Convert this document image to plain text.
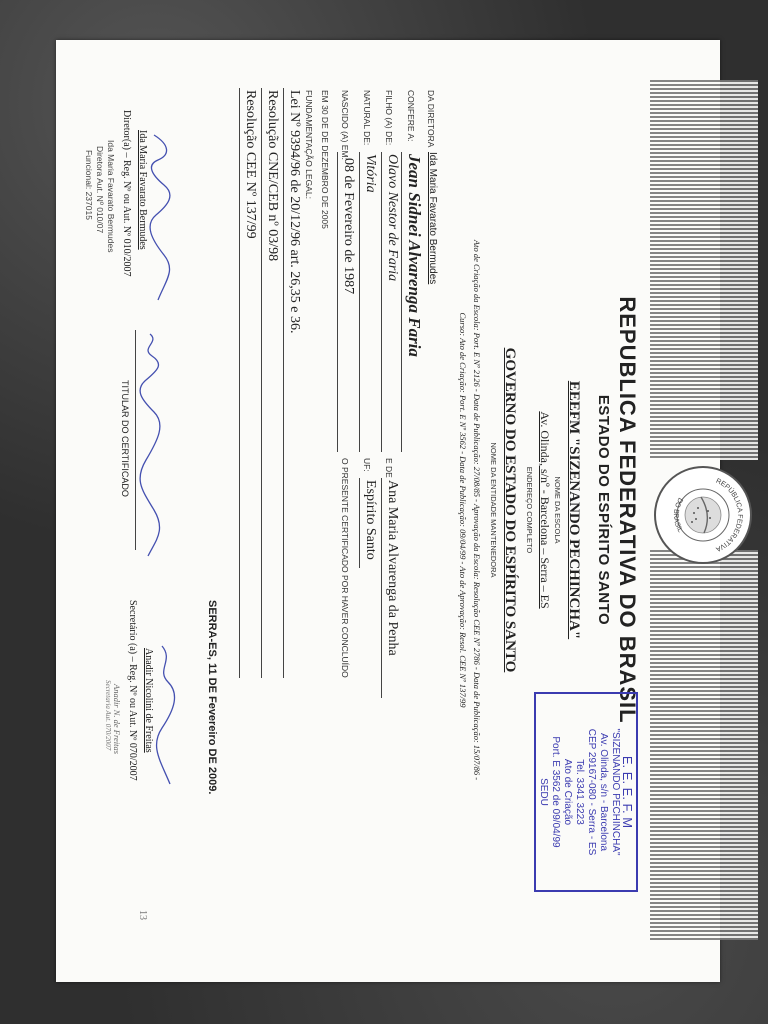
REPÚBLICA FEDERATIVA
DO BRASIL
REPUBLICA FEDERATIVA DO BRASIL
ESTADO DO ESPÍRITO SANTO
EEEFM "SIZENANDO PECHINCHA"
NOME DA ESCOLA
Av. Olinda, s/nº - Barcelona – Serra – ES
ENDEREÇO COMPLETO
GOVERNO DO ESTADO DO ESPÍRITO SANTO
NOME DA ENTIDADE MANTENEDORA
Ato de Criação da Escola: Port. E Nº 2126 - Data de Publicação: 27/08/85 - Aprovação da Escola: Resolução CEE Nº 2786 - Data de Publicação: 15/07/86 -
Curso: Ato de Criação: Port. E Nº 3562 - Data de Publicação: 09/04/99 - Ato de Aprovação: Resol. CEE Nº 137/99
DA DIRETORA
Ida Maria Favarato Bermudes
CONFERE A:
Jean Sidnei Alvarenga Faria
FILHO (A) DE:
Olavo Nestor de Faria
E DE
Ana Maria Alvarenga da Penha
NATURAL DE:
Vitória
UF:
Espírito Santo
NASCIDO (A) EM:
08 de Fevereiro de 1987
O PRESENTE CERTIFICADO POR HAVER CONCLUÍDO
EM 30 DE DE DEZEMBRO DE 2005
FUNDAMENTAÇÃO LEGAL:
Lei Nº 9394/96 de 20/12/96 art. 26,35 e 36.
Resolução CNE/CEB nº 03/98
Resolução CEE Nº 137/99
SERRA-ES, 11 DE Fevereiro DE 2009.
Ida Maria Favarato Bermudes
Diretor(a) – Reg. Nº ou Aut. Nº 010/2007
Ida Maria Favarato Bermudes
Diretora Aut. Nº 010/07
Funcional: 237015
TITULAR DO CERTIFICADO
Anadir Nicolini de Freitas
Secretário (a) – Reg. Nº ou Aut. Nº 070/2007
Anadir N. de Freitas
Secretaria Aut. 070/2007
E. E. E. F. M
"SIZENANDO PECHINCHA"
Av. Olinda, s/n - Barcelona
CEP 29167-080 - Serra - ES
Tel. 3341 3223
Ato de Criação
Port. E 3562 de 09/04/99
SEDU
13
